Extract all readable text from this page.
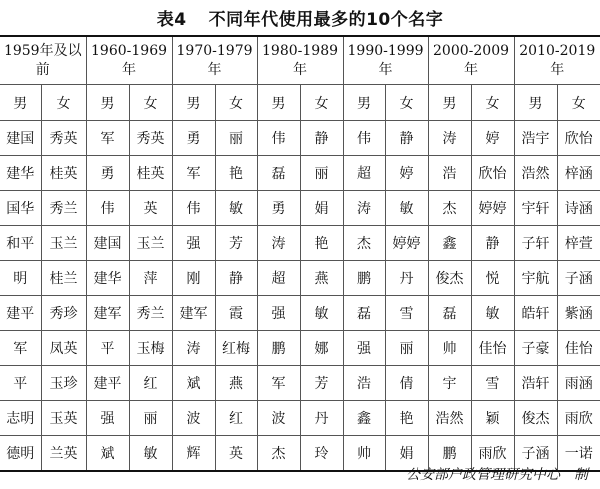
表4 不同年代使用最多的10个名字
1959年及以
前		1960-1969
年		1970-1979
年		1980-1989
年		1990-1999
年		2000-2009
年		2010-2019
年	
男	女	男	女	男	女	男	女	男	女	男	女	男	女
建国	秀英	军	秀英	勇	丽	伟	静	伟	静	涛	婷	浩宇	欣怡
建华	桂英	勇	桂英	军	艳	磊	丽	超	婷	浩	欣怡	浩然	梓涵
国华	秀兰	伟	英	伟	敏	勇	娟	涛	敏	杰	婷婷	宇轩	诗涵
和平	玉兰	建国	玉兰	强	芳	涛	艳	杰	婷婷	鑫	静	子轩	梓萱
明	桂兰	建华	萍	刚	静	超	燕	鹏	丹	俊杰	悦	宇航	子涵
建平	秀珍	建军	秀兰	建军	霞	强	敏	磊	雪	磊	敏	皓轩	紫涵
军	凤英	平	玉梅	涛	红梅	鹏	娜	强	丽	帅	佳怡	子豪	佳怡
平	玉珍	建平	红	斌	燕	军	芳	浩	倩	宇	雪	浩轩	雨涵
志明	玉英	强	丽	波	红	波	丹	鑫	艳	浩然	颖	俊杰	雨欣
德明	兰英	斌	敏	辉	英	杰	玲	帅	娟	鹏	雨欣	子涵	一诺
公安部户政管理研究中心　制
